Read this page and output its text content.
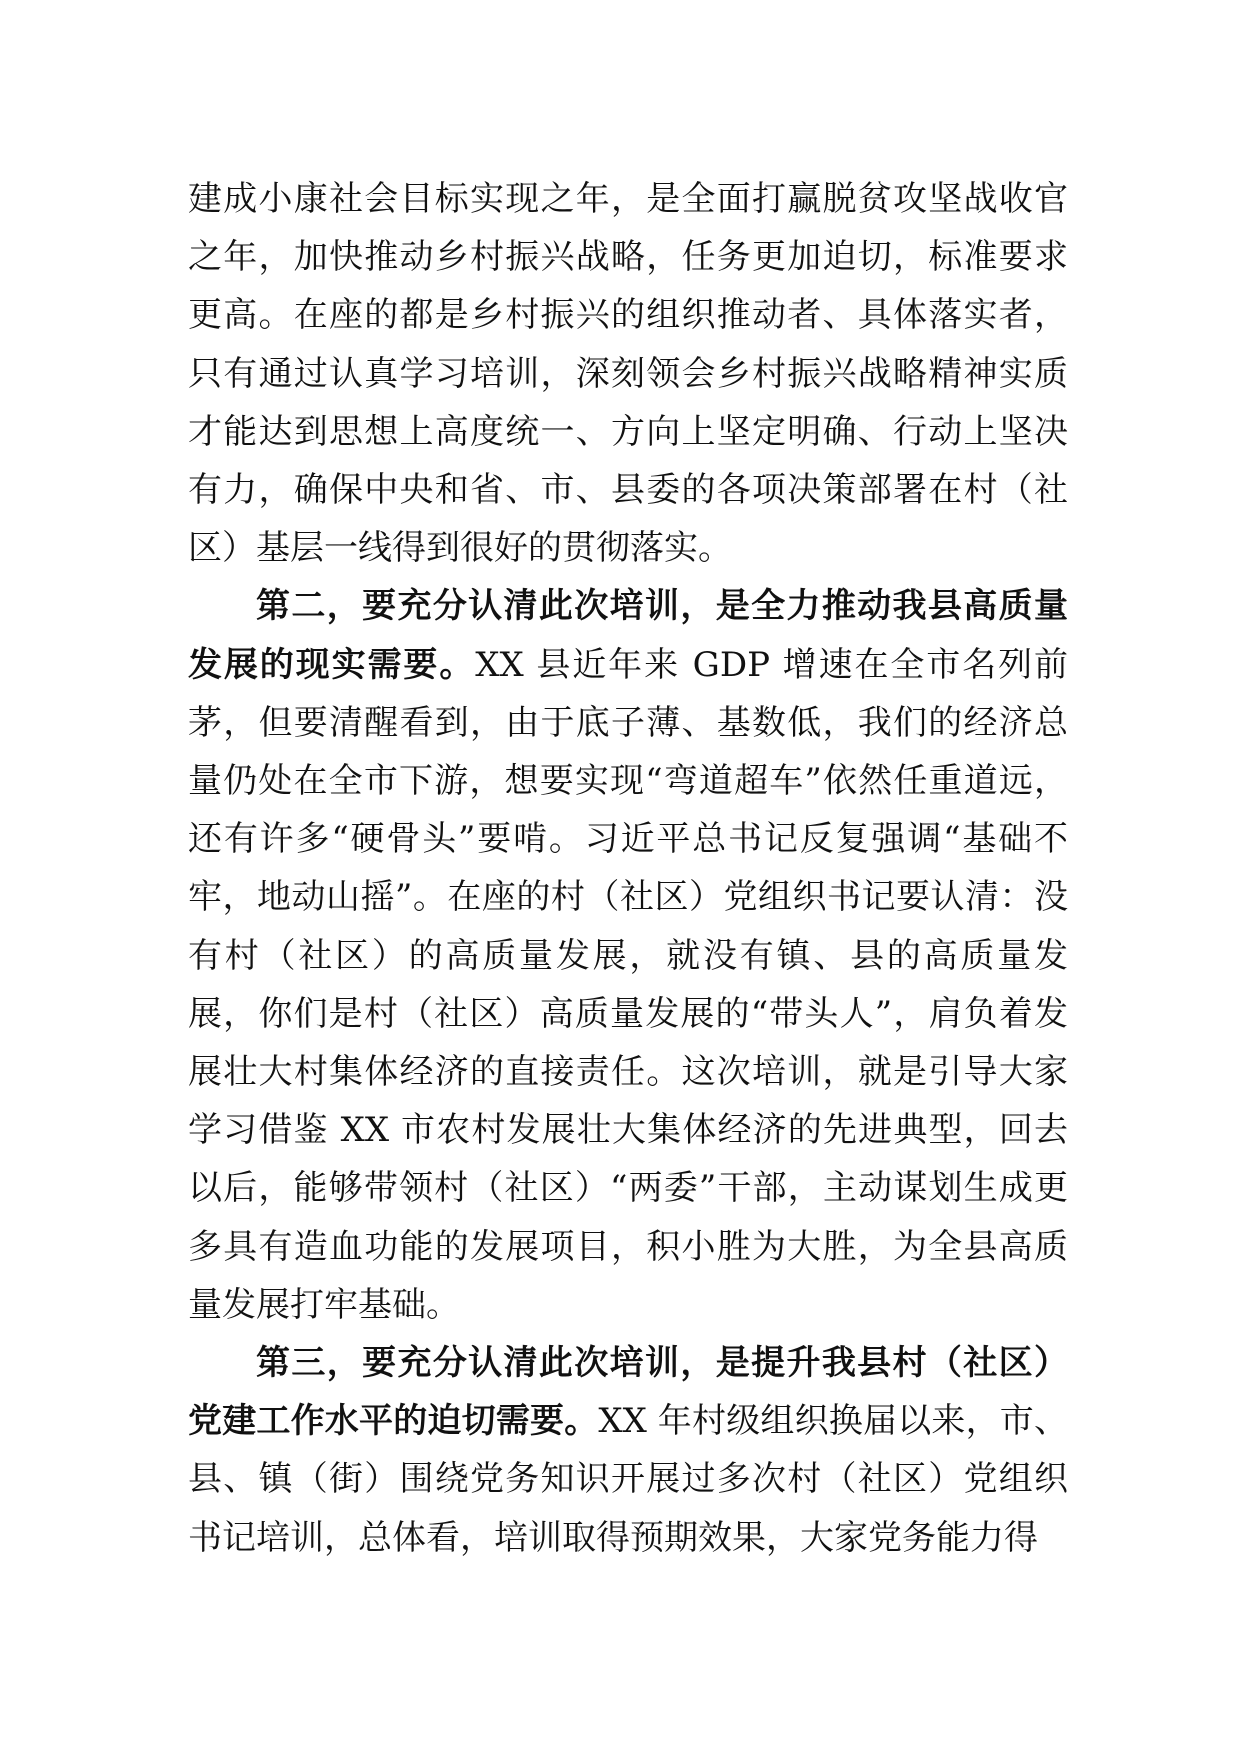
建成小康社会目标实现之年，是全面打赢脱贫攻坚战收官之年，加快推动乡村振兴战略，任务更加迫切，标准要求更高。在座的都是乡村振兴的组织推动者、具体落实者，只有通过认真学习培训，深刻领会乡村振兴战略精神实质才能达到思想上高度统一、方向上坚定明确、行动上坚决有力，确保中央和省、市、县委的各项决策部署在村（社区）基层一线得到很好的贯彻落实。

第二，要充分认清此次培训，是全力推动我县高质量发展的现实需要。XX 县近年来 GDP 增速在全市名列前茅，但要清醒看到，由于底子薄、基数低，我们的经济总量仍处在全市下游，想要实现“弯道超车”依然任重道远，还有许多“硬骨头”要啃。习近平总书记反复强调“基础不牢，地动山摇”。在座的村（社区）党组织书记要认清：没有村（社区）的高质量发展，就没有镇、县的高质量发展，你们是村（社区）高质量发展的“带头人”，肩负着发展壮大村集体经济的直接责任。这次培训，就是引导大家学习借鉴 XX 市农村发展壮大集体经济的先进典型，回去以后，能够带领村（社区）“两委”干部，主动谋划生成更多具有造血功能的发展项目，积小胜为大胜，为全县高质量发展打牢基础。

第三，要充分认清此次培训，是提升我县村（社区）党建工作水平的迫切需要。XX 年村级组织换届以来，市、县、镇（街）围绕党务知识开展过多次村（社区）党组织书记培训，总体看，培训取得预期效果，大家党务能力得
